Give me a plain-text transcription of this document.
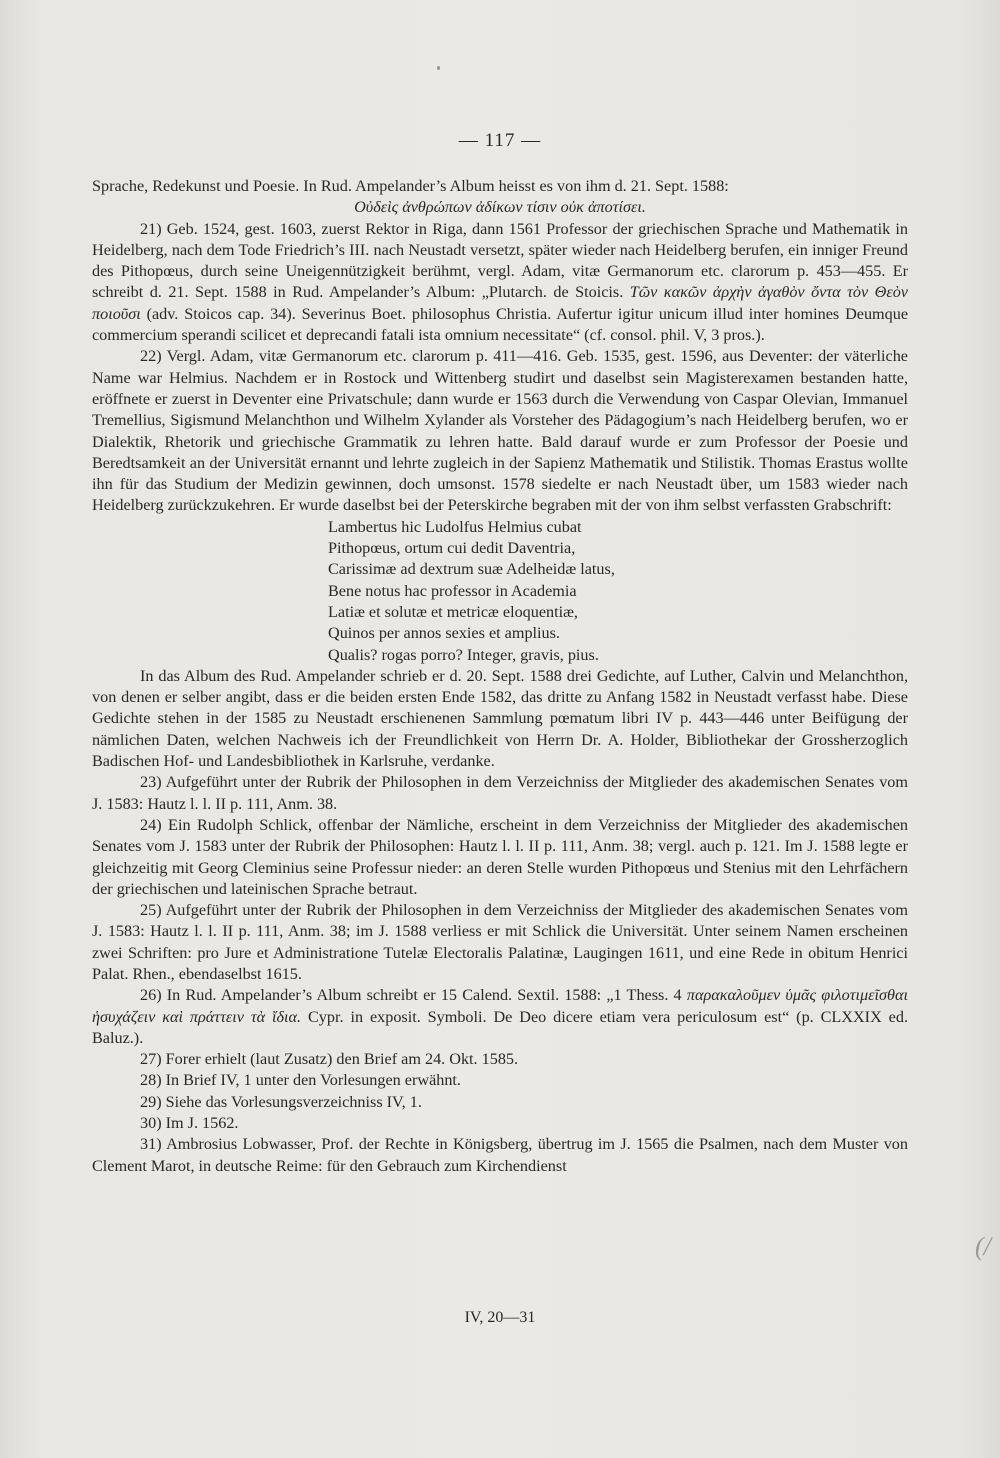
— 117 —

Sprache, Redekunst und Poesie. In Rud. Ampelander’s Album heisst es von ihm d. 21. Sept. 1588:

Οὐδεὶς ἀνθρώπων ἀδίκων τίσιν οὐκ ἀποτίσει.

21) Geb. 1524, gest. 1603, zuerst Rektor in Riga, dann 1561 Professor der griechischen Sprache und Mathematik in Heidelberg, nach dem Tode Friedrich’s III. nach Neustadt versetzt, später wieder nach Heidelberg berufen, ein inniger Freund des Pithopœus, durch seine Uneigennützigkeit berühmt, vergl. Adam, vitæ Germanorum etc. clarorum p. 453—455. Er schreibt d. 21. Sept. 1588 in Rud. Ampelander’s Album: „Plutarch. de Stoicis. Τῶν κακῶν ἀρχὴν ἀγαθὸν ὄντα τὸν Θεὸν ποιοῦσι (adv. Stoicos cap. 34). Severinus Boet. philosophus Christia. Aufertur igitur unicum illud inter homines Deumque commercium sperandi scilicet et deprecandi fatali ista omnium necessitate“ (cf. consol. phil. V, 3 pros.).

22) Vergl. Adam, vitæ Germanorum etc. clarorum p. 411—416. Geb. 1535, gest. 1596, aus Deventer: der väterliche Name war Helmius. Nachdem er in Rostock und Wittenberg studirt und daselbst sein Magisterexamen bestanden hatte, eröffnete er zuerst in Deventer eine Privatschule; dann wurde er 1563 durch die Verwendung von Caspar Olevian, Immanuel Tremellius, Sigismund Melanchthon und Wilhelm Xylander als Vorsteher des Pädagogium’s nach Heidelberg berufen, wo er Dialektik, Rhetorik und griechische Grammatik zu lehren hatte. Bald darauf wurde er zum Professor der Poesie und Beredtsamkeit an der Universität ernannt und lehrte zugleich in der Sapienz Mathematik und Stilistik. Thomas Erastus wollte ihn für das Studium der Medizin gewinnen, doch umsonst. 1578 siedelte er nach Neustadt über, um 1583 wieder nach Heidelberg zurückzukehren. Er wurde daselbst bei der Peterskirche begraben mit der von ihm selbst verfassten Grabschrift:

Lambertus hic Ludolfus Helmius cubat
Pithopœus, ortum cui dedit Daventria,
Carissimæ ad dextrum suæ Adelheidæ latus,
Bene notus hac professor in Academia
Latiæ et solutæ et metricæ eloquentiæ,
Quinos per annos sexies et amplius.
Qualis? rogas porro? Integer, gravis, pius.

In das Album des Rud. Ampelander schrieb er d. 20. Sept. 1588 drei Gedichte, auf Luther, Calvin und Melanchthon, von denen er selber angibt, dass er die beiden ersten Ende 1582, das dritte zu Anfang 1582 in Neustadt verfasst habe. Diese Gedichte stehen in der 1585 zu Neustadt erschienenen Sammlung pœmatum libri IV p. 443—446 unter Beifügung der nämlichen Daten, welchen Nachweis ich der Freundlichkeit von Herrn Dr. A. Holder, Bibliothekar der Grossherzoglich Badischen Hof- und Landesbibliothek in Karlsruhe, verdanke.

23) Aufgeführt unter der Rubrik der Philosophen in dem Verzeichniss der Mitglieder des akademischen Senates vom J. 1583: Hautz l. l. II p. 111, Anm. 38.

24) Ein Rudolph Schlick, offenbar der Nämliche, erscheint in dem Verzeichniss der Mitglieder des akademischen Senates vom J. 1583 unter der Rubrik der Philosophen: Hautz l. l. II p. 111, Anm. 38; vergl. auch p. 121. Im J. 1588 legte er gleichzeitig mit Georg Cleminius seine Professur nieder: an deren Stelle wurden Pithopœus und Stenius mit den Lehrfächern der griechischen und lateinischen Sprache betraut.

25) Aufgeführt unter der Rubrik der Philosophen in dem Verzeichniss der Mitglieder des akademischen Senates vom J. 1583: Hautz l. l. II p. 111, Anm. 38; im J. 1588 verliess er mit Schlick die Universität. Unter seinem Namen erscheinen zwei Schriften: pro Jure et Administratione Tutelæ Electoralis Palatinæ, Laugingen 1611, und eine Rede in obitum Henrici Palat. Rhen., ebendaselbst 1615.

26) In Rud. Ampelander’s Album schreibt er 15 Calend. Sextil. 1588: „1 Thess. 4 παρακαλοῦμεν ὑμᾶς φιλοτιμεῖσθαι ἡσυχάζειν καὶ πράττειν τὰ ἴδια. Cypr. in exposit. Symboli. De Deo dicere etiam vera periculosum est“ (p. CLXXIX ed. Baluz.).

27) Forer erhielt (laut Zusatz) den Brief am 24. Okt. 1585.

28) In Brief IV, 1 unter den Vorlesungen erwähnt.

29) Siehe das Vorlesungsverzeichniss IV, 1.

30) Im J. 1562.

31) Ambrosius Lobwasser, Prof. der Rechte in Königsberg, übertrug im J. 1565 die Psalmen, nach dem Muster von Clement Marot, in deutsche Reime: für den Gebrauch zum Kirchendienst

(/
IV, 20—31
